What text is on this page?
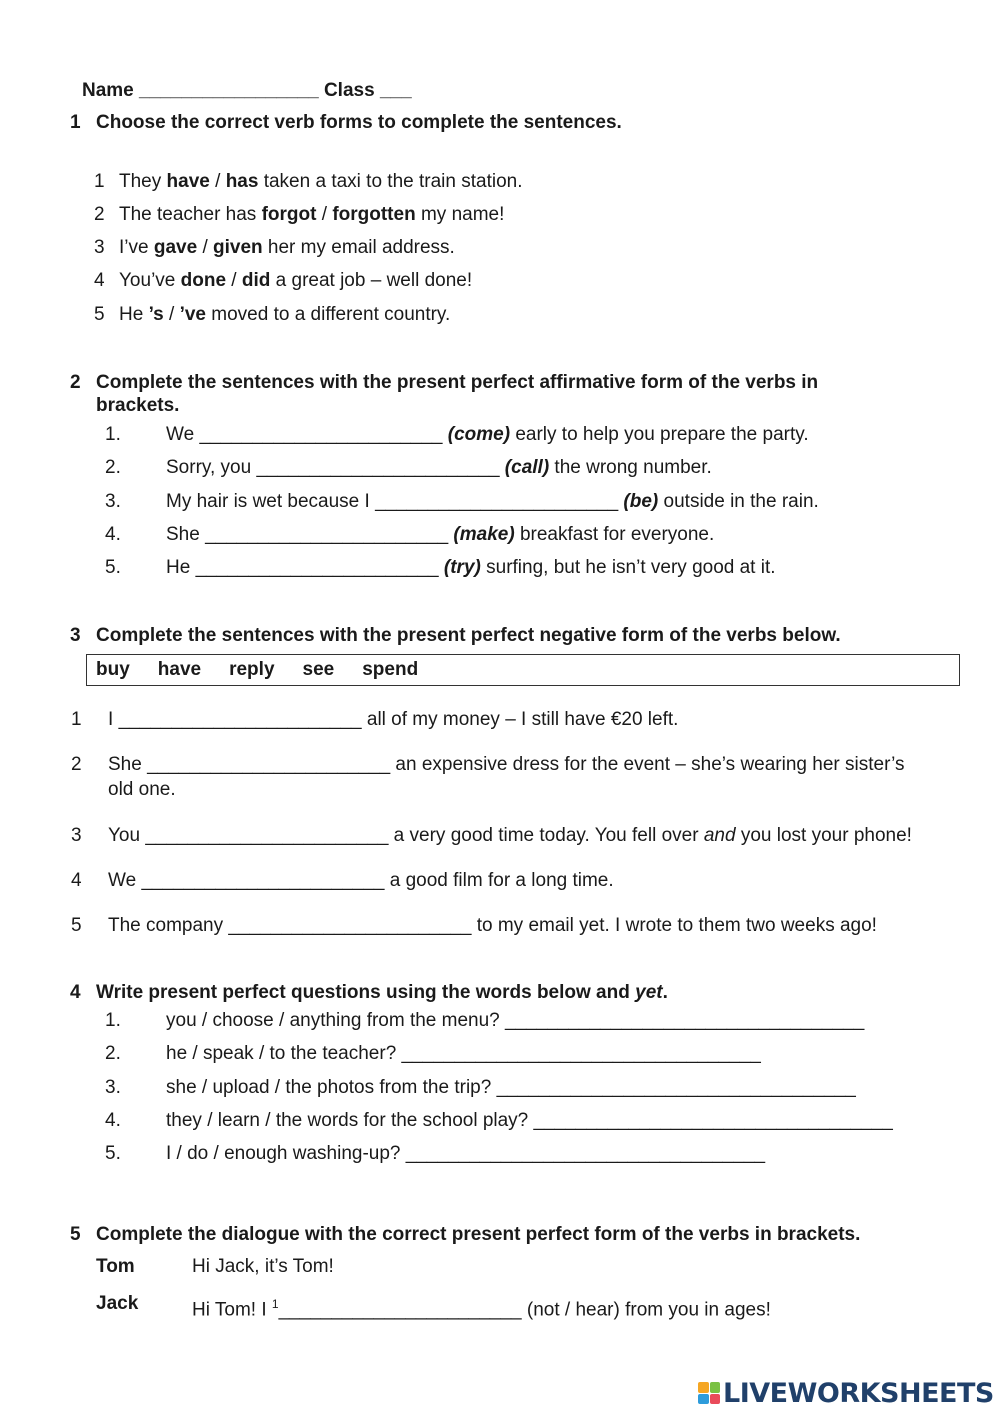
Name _________________ Class ___
1 Choose the correct verb forms to complete the sentences.
1 They have / has taken a taxi to the train station.
2 The teacher has forgot / forgotten my name!
3 I’ve gave / given her my email address.
4 You’ve done / did a great job – well done!
5 He ’s / ’ve moved to a different country.
2 Complete the sentences with the present perfect affirmative form of the verbs in
brackets.
1. We _______________________ (come) early to help you prepare the party.
2. Sorry, you _______________________ (call) the wrong number.
3. My hair is wet because I _______________________ (be) outside in the rain.
4. She _______________________ (make) breakfast for everyone.
5. He _______________________ (try) surfing, but he isn’t very good at it.
3 Complete the sentences with the present perfect negative form of the verbs below.
buy have reply see spend
1 I _______________________ all of my money – I still have €20 left.
2 She _______________________ an expensive dress for the event – she’s wearing her sister’s
old one.
3 You _______________________ a very good time today. You fell over and you lost your phone!
4 We _______________________ a good film for a long time.
5 The company _______________________ to my email yet. I wrote to them two weeks ago!
4 Write present perfect questions using the words below and yet.
1. you / choose / anything from the menu? __________________________________
2. he / speak / to the teacher? __________________________________
3. she / upload / the photos from the trip? __________________________________
4. they / learn / the words for the school play? __________________________________
5. I / do / enough washing-up? __________________________________
5 Complete the dialogue with the correct present perfect form of the verbs in brackets.
Tom	Hi Jack, it’s Tom!
Jack	Hi Tom! I $^1$_______________________ (not / hear) from you in ages!
LIVEWORKSHEETS
